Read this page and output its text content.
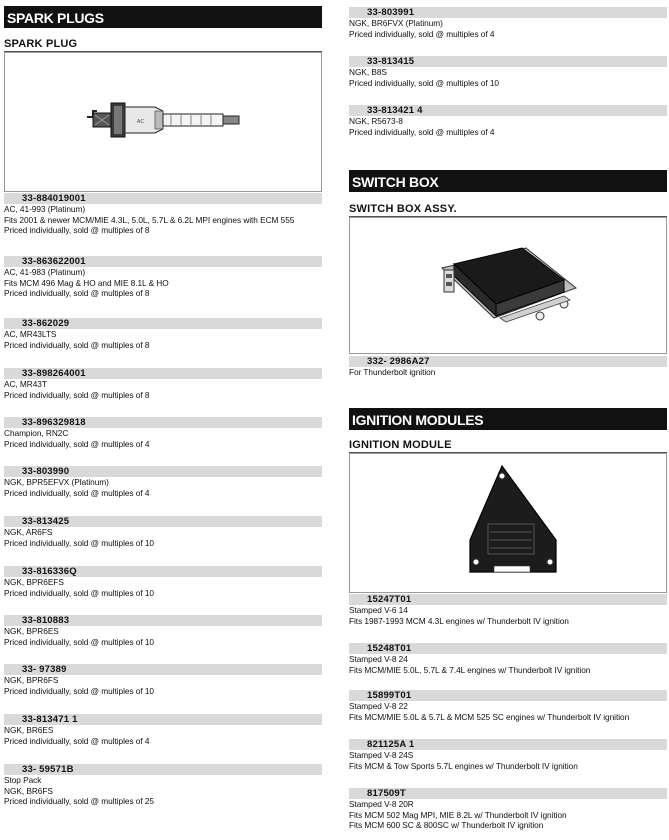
SPARK PLUGS
SPARK PLUG
AC
33-884019001
AC, 41-993 (Platinum)
Fits 2001 & newer MCM/MIE 4.3L, 5.0L, 5.7L & 6.2L MPI engines with ECM 555
Priced individually, sold @ multiples of 8
33-863622001
AC, 41-983 (Platinum)
Fits MCM 496 Mag & HO and MIE 8.1L & HO
Priced individually, sold @ multiples of 8
33-862029
AC, MR43LTS
Priced individually, sold @ multiples of 8
33-898264001
AC, MR43T
Priced individually, sold @ multiples of 8
33-896329818
Champion, RN2C
Priced individually, sold @ multiples of 4
33-803990
NGK, BPR5EFVX (Platinum)
Priced individually, sold @ multiples of 4
33-813425
NGK, AR6FS
Priced individually, sold @ multiples of 10
33-816336Q
NGK, BPR6EFS
Priced individually, sold @ multiples of 10
33-810883
NGK, BPR6ES
Priced individually, sold @ multiples of 10
33- 97389
NGK, BPR6FS
Priced individually, sold @ multiples of 10
33-813471 1
NGK, BR6ES
Priced individually, sold @ multiples of 4
33- 59571B
Stop Pack
NGK, BR6FS
Priced individually, sold @ multiples of 25
33-803991
NGK, BR6FVX (Platinum)
Priced individually, sold @ multiples of 4
33-813415
NGK, B8S
Priced individually, sold @ multiples of 10
33-813421 4
NGK, R5673-8
Priced individually, sold @ multiples of 4
SWITCH BOX
SWITCH BOX ASSY.
332- 2986A27
For Thunderbolt ignition
IGNITION MODULES
IGNITION MODULE
15247T01
Stamped V-6 14
Fits 1987-1993 MCM 4.3L engines w/ Thunderbolt IV ignition
15248T01
Stamped V-8 24
Fits MCM/MIE 5.0L, 5.7L & 7.4L engines w/ Thunderbolt IV ignition
15899T01
Stamped V-8 22
Fits MCM/MIE 5.0L & 5.7L & MCM 525 SC engines w/ Thunderbolt IV ignition
821125A 1
Stamped V-8 24S
Fits MCM & Tow Sports 5.7L engines w/ Thunderbolt IV ignition
817509T
Stamped V-8 20R
Fits MCM 502 Mag MPI, MIE 8.2L w/ Thunderbolt IV ignition
Fits MCM 600 SC & 800SC w/ Thunderbolt IV ignition
